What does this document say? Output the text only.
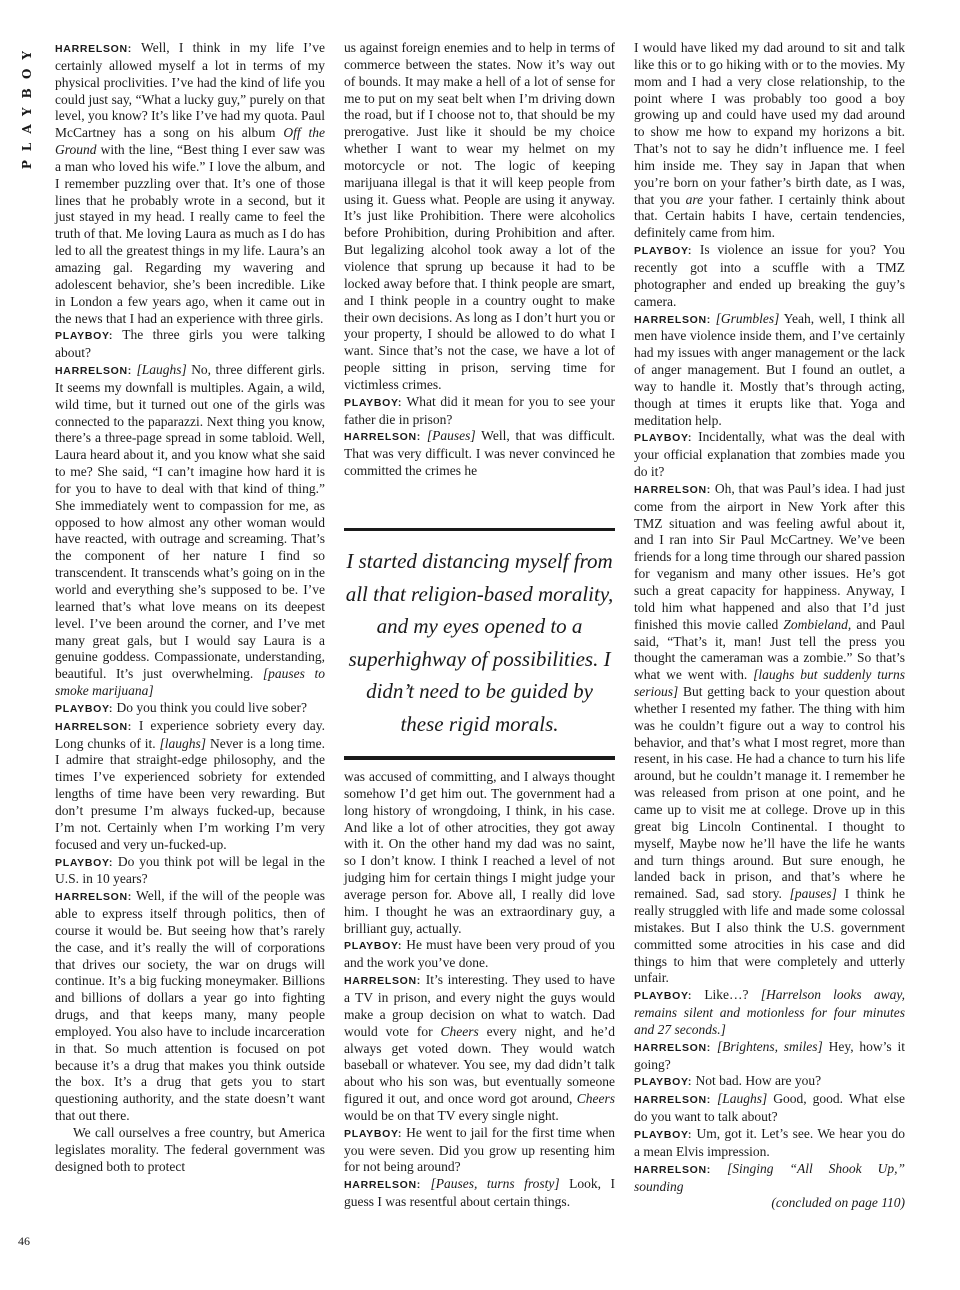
PLAYBOY
46

HARRELSON: Well, I think in my life I’ve certainly allowed myself a lot in terms of my physical proclivities. I’ve had the kind of life you could just say, “What a lucky guy,” purely on that level, you know? It’s like I’ve had my quota. Paul McCartney has a song on his album Off the Ground with the line, “Best thing I ever saw was a man who loved his wife.” I love the album, and I remember puzzling over that. It’s one of those lines that he probably wrote in a second, but it just stayed in my head. I really came to feel the truth of that. Me loving Laura as much as I do has led to all the greatest things in my life. Laura’s an amazing gal. Regarding my wavering and adolescent behavior, she’s been incredible. Like in London a few years ago, when it came out in the news that I had an experience with three girls.

PLAYBOY: The three girls you were talking about?

HARRELSON: [Laughs] No, three different girls. It seems my downfall is multiples. Again, a wild, wild time, but it turned out one of the girls was connected to the paparazzi. Next thing you know, there’s a three-page spread in some tabloid. Well, Laura heard about it, and you know what she said to me? She said, “I can’t imagine how hard it is for you to have to deal with that kind of thing.” She immediately went to compassion for me, as opposed to how almost any other woman would have reacted, with outrage and screaming. That’s the component of her nature I find so transcendent. It transcends what’s going on in the world and everything she’s supposed to be. I’ve learned that’s what love means on its deepest level. I’ve been around the corner, and I’ve met many great gals, but I would say Laura is a genuine goddess. Compassionate, understanding, beautiful. It’s just overwhelming. [pauses to smoke marijuana]

PLAYBOY: Do you think you could live sober?

HARRELSON: I experience sobriety every day. Long chunks of it. [laughs] Never is a long time. I admire that straight-edge philosophy, and the times I’ve experienced sobriety for extended lengths of time have been very rewarding. But don’t presume I’m always fucked-up, because I’m not. Certainly when I’m working I’m very focused and very un-fucked-up.

PLAYBOY: Do you think pot will be legal in the U.S. in 10 years?

HARRELSON: Well, if the will of the people was able to express itself through politics, then of course it would be. But seeing how that’s rarely the case, and it’s really the will of corporations that drives our society, the war on drugs will continue. It’s a big fucking moneymaker. Billions and billions of dollars a year go into fighting drugs, and that keeps many, many people employed. You also have to include incarceration in that. So much attention is focused on pot because it’s a drug that makes you think outside the box. It’s a drug that gets you to start questioning authority, and the state doesn’t want that out there.

We call ourselves a free country, but America legislates morality. The federal government was designed both to protect

us against foreign enemies and to help in terms of commerce between the states. Now it’s way out of bounds. It may make a hell of a lot of sense for me to put on my seat belt when I’m driving down the road, but if I choose not to, that should be my prerogative. Just like it should be my choice whether I want to wear my helmet on my motorcycle or not. The logic of keeping marijuana illegal is that it will keep people from using it. Guess what. People are using it anyway. It’s just like Prohibition. There were alcoholics before Prohibition, during Prohibition and after. But legalizing alcohol took away a lot of the violence that sprung up because it had to be locked away before that. I think people are smart, and I think people in a country ought to make their own decisions. As long as I don’t hurt you or your property, I should be allowed to do what I want. Since that’s not the case, we have a lot of people sitting in prison, serving time for victimless crimes.

PLAYBOY: What did it mean for you to see your father die in prison?

HARRELSON: [Pauses] Well, that was difficult. That was very difficult. I was never convinced he committed the crimes he

I started distancing myself from all that religion-based morality, and my eyes opened to a superhighway of possibilities. I didn’t need to be guided by these rigid morals.

was accused of committing, and I always thought somehow I’d get him out. The government had a long history of wrongdoing, I think, in his case. And like a lot of other atrocities, they got away with it. On the other hand my dad was no saint, so I don’t know. I think I reached a level of not judging him for certain things I might judge your average person for. Above all, I really did love him. I thought he was an extraordinary guy, a brilliant guy, actually.

PLAYBOY: He must have been very proud of you and the work you’ve done.

HARRELSON: It’s interesting. They used to have a TV in prison, and every night the guys would make a group decision on what to watch. Dad would vote for Cheers every night, and he’d always get voted down. They would watch baseball or whatever. You see, my dad didn’t talk about who his son was, but eventually someone figured it out, and once word got around, Cheers would be on that TV every single night.

PLAYBOY: He went to jail for the first time when you were seven. Did you grow up resenting him for not being around?

HARRELSON: [Pauses, turns frosty] Look, I guess I was resentful about certain things.

I would have liked my dad around to sit and talk like this or to go hiking with or to the movies. My mom and I had a very close relationship, to the point where I was probably too good a boy growing up and could have used my dad around to show me how to expand my horizons a bit. That’s not to say he didn’t influence me. I feel him inside me. They say in Japan that when you’re born on your father’s birth date, as I was, that you are your father. I certainly think about that. Certain habits I have, certain tendencies, definitely came from him.

PLAYBOY: Is violence an issue for you? You recently got into a scuffle with a TMZ photographer and ended up breaking the guy’s camera.

HARRELSON: [Grumbles] Yeah, well, I think all men have violence inside them, and I’ve certainly had my issues with anger management or the lack of anger management. But I found an outlet, a way to handle it. Mostly that’s through acting, though at times it erupts like that. Yoga and meditation help.

PLAYBOY: Incidentally, what was the deal with your official explanation that zombies made you do it?

HARRELSON: Oh, that was Paul’s idea. I had just come from the airport in New York after this TMZ situation and was feeling awful about it, and I ran into Sir Paul McCartney. We’ve been friends for a long time through our shared passion for veganism and many other issues. He’s got such a great capacity for happiness. Anyway, I told him what happened and also that I’d just finished this movie called Zombieland, and Paul said, “That’s it, man! Just tell the press you thought the cameraman was a zombie.” So that’s what we went with. [laughs but suddenly turns serious] But getting back to your question about whether I resented my father. The thing with him was he couldn’t figure out a way to control his behavior, and that’s what I most regret, more than resent, in his case. He had a chance to turn his life around, but he couldn’t manage it. I remember he was released from prison at one point, and he came up to visit me at college. Drove up in this great big Lincoln Continental. I thought to myself, Maybe now he’ll have the life he wants and turn things around. But sure enough, he landed back in prison, and that’s where he remained. Sad, sad story. [pauses] I think he really struggled with life and made some colossal mistakes. But I also think the U.S. government committed some atrocities in his case and did things to him that were completely and utterly unfair.

PLAYBOY: Like…? [Harrelson looks away, remains silent and motionless for four minutes and 27 seconds.]

HARRELSON: [Brightens, smiles] Hey, how’s it going?

PLAYBOY: Not bad. How are you?

HARRELSON: [Laughs] Good, good. What else do you want to talk about?

PLAYBOY: Um, got it. Let’s see. We hear you do a mean Elvis impression.

HARRELSON: [Singing “All Shook Up,” sounding

(concluded on page 110)
